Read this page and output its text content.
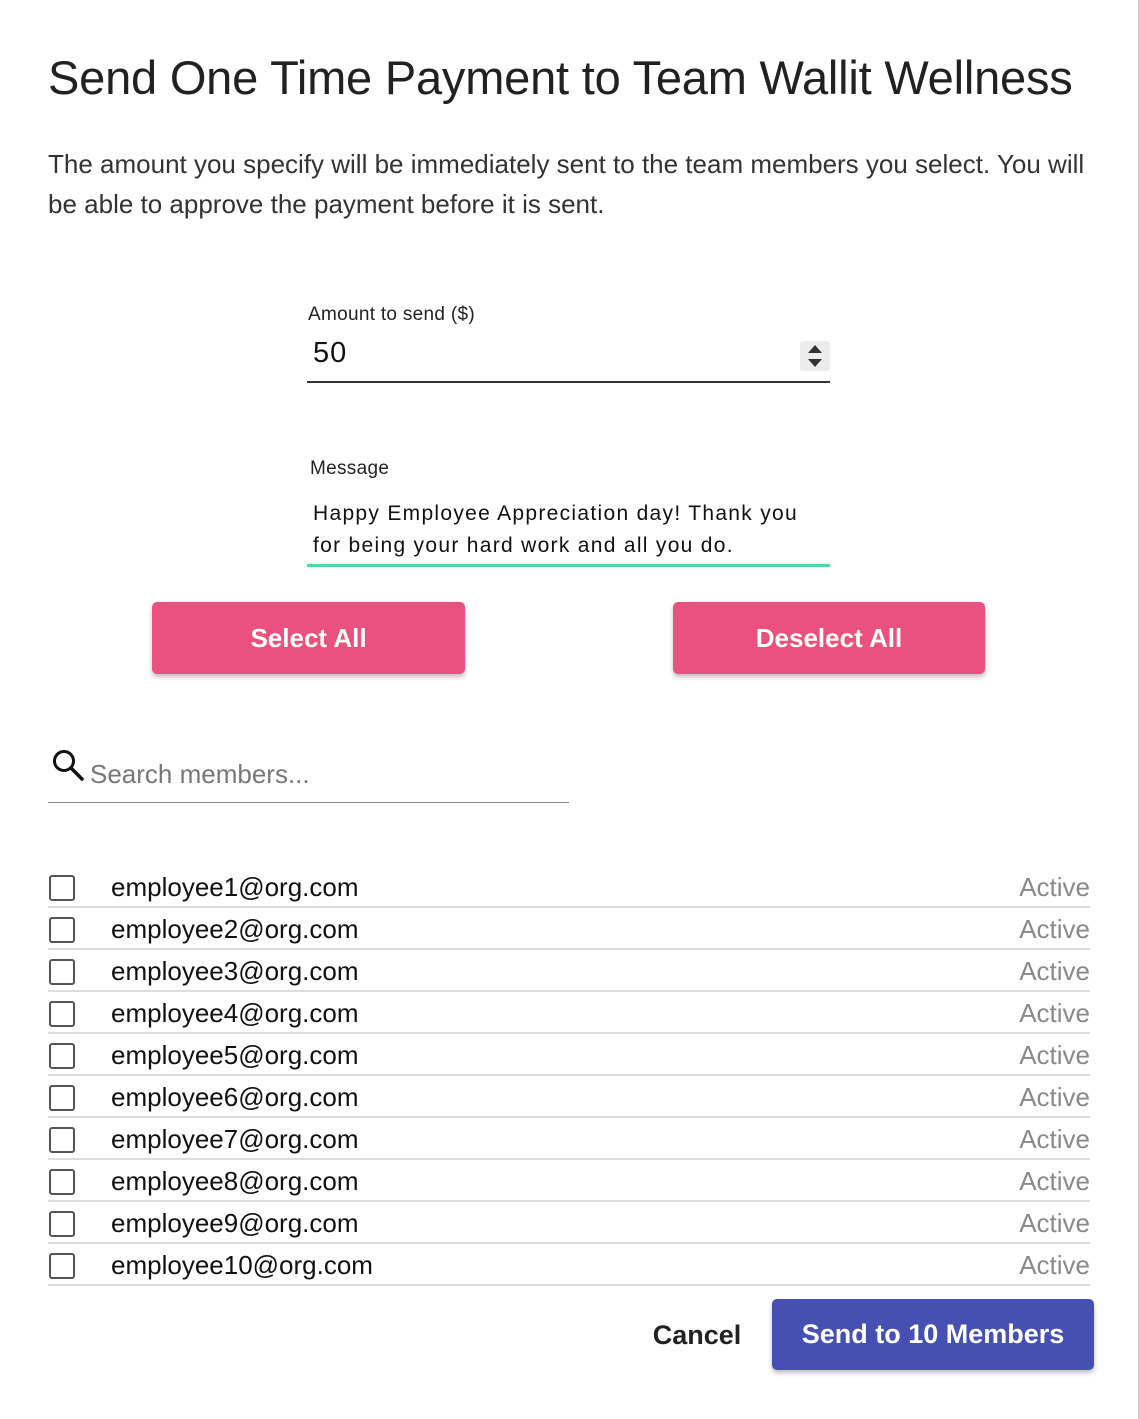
Send One Time Payment to Team Wallit Wellness
The amount you specify will be immediately sent to the team members you select. You will be able to approve the payment before it is sent.
Amount to send ($)
50
Message
Happy Employee Appreciation day! Thank you for being your hard work and all you do.
Select All	Deselect All
Search members...
employee1@org.com	Active
employee2@org.com	Active
employee3@org.com	Active
employee4@org.com	Active
employee5@org.com	Active
employee6@org.com	Active
employee7@org.com	Active
employee8@org.com	Active
employee9@org.com	Active
employee10@org.com	Active
Cancel	Send to 10 Members
